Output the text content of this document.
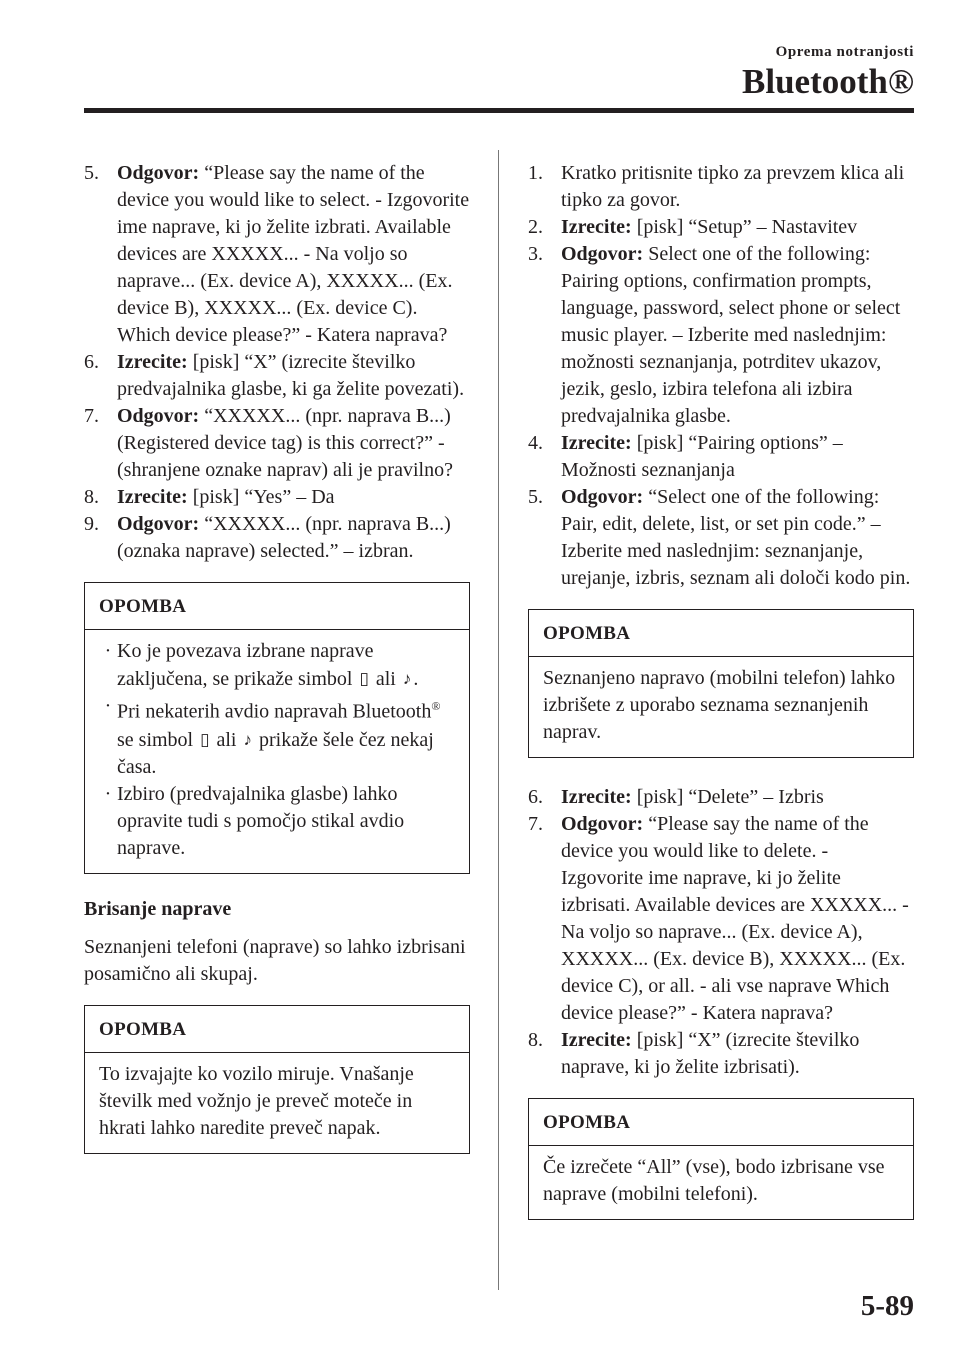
Oprema notranjosti
Bluetooth®
5. Odgovor: “Please say the name of the device you would like to select. - Izgovorite ime naprave, ki jo želite izbrati. Available devices are XXXXX... - Na voljo so naprave... (Ex. device A), XXXXX... (Ex. device B), XXXXX... (Ex. device C). Which device please?” - Katera naprava?
6. Izrecite: [pisk] “X” (izrecite številko predvajalnika glasbe, ki ga želite povezati).
7. Odgovor: “XXXXX... (npr. naprava B...) (Registered device tag) is this correct?” - (shranjene oznake naprav) ali je pravilno?
8. Izrecite: [pisk] “Yes” – Da
9. Odgovor: “XXXXX... (npr. naprava B...) (oznaka naprave) selected.” – izbran.
OPOMBA
· Ko je povezava izbrane naprave zaključena, se prikaže simbol ▯ ali ♪ .
· Pri nekaterih avdio napravah Bluetooth® se simbol ▯ ali ♪ prikaže šele čez nekaj časa.
· Izbiro (predvajalnika glasbe) lahko opravite tudi s pomočjo stikal avdio naprave.
Brisanje naprave

Seznanjeni telefoni (naprave) so lahko izbrisani posamično ali skupaj.

OPOMBA
To izvajajte ko vozilo miruje. Vnašanje številk med vožnjo je preveč moteče in hkrati lahko naredite preveč napak.
1. Kratko pritisnite tipko za prevzem klica ali tipko za govor.
2. Izrecite: [pisk] “Setup” – Nastavitev
3. Odgovor: Select one of the following: Pairing options, confirmation prompts, language, password, select phone or select music player. – Izberite med naslednjim: možnosti seznanjanja, potrditev ukazov, jezik, geslo, izbira telefona ali izbira predvajalnika glasbe.
4. Izrecite: [pisk] “Pairing options” – Možnosti seznanjanja
5. Odgovor: “Select one of the following: Pair, edit, delete, list, or set pin code.” – Izberite med naslednjim: seznanjanje, urejanje, izbris, seznam ali določi kodo pin.
OPOMBA
Seznanjeno napravo (mobilni telefon) lahko izbrišete z uporabo seznama seznanjenih naprav.
6. Izrecite: [pisk] “Delete” – Izbris
7. Odgovor: “Please say the name of the device you would like to delete. - Izgovorite ime naprave, ki jo želite izbrisati. Available devices are XXXXX... - Na voljo so naprave... (Ex. device A), XXXXX... (Ex. device B), XXXXX... (Ex. device C), or all. - ali vse naprave Which device please?” - Katera naprava?
8. Izrecite: [pisk] “X” (izrecite številko naprave, ki jo želite izbrisati).
OPOMBA
Če izrečete “All” (vse), bodo izbrisane vse naprave (mobilni telefoni).
5-89
